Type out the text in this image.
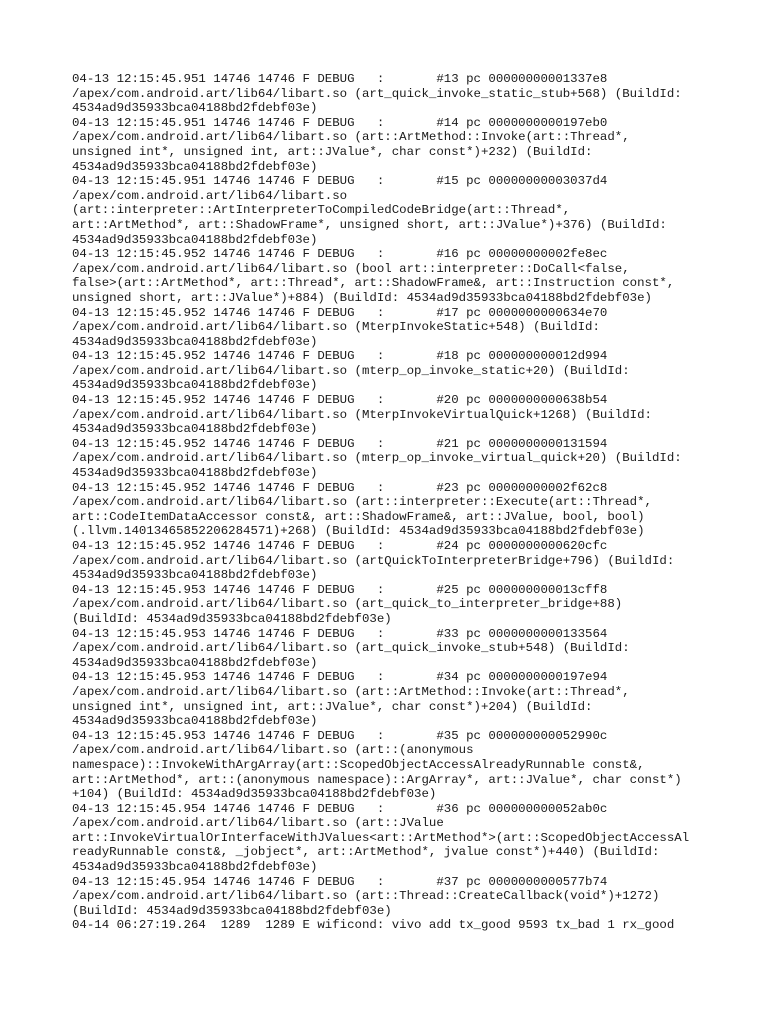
04-13 12:15:45.951 14746 14746 F DEBUG   :       #13 pc 00000000001337e8
/apex/com.android.art/lib64/libart.so (art_quick_invoke_static_stub+568) (BuildId:
4534ad9d35933bca04188bd2fdebf03e)
04-13 12:15:45.951 14746 14746 F DEBUG   :       #14 pc 0000000000197eb0
/apex/com.android.art/lib64/libart.so (art::ArtMethod::Invoke(art::Thread*,
unsigned int*, unsigned int, art::JValue*, char const*)+232) (BuildId:
4534ad9d35933bca04188bd2fdebf03e)
04-13 12:15:45.951 14746 14746 F DEBUG   :       #15 pc 00000000003037d4
/apex/com.android.art/lib64/libart.so
(art::interpreter::ArtInterpreterToCompiledCodeBridge(art::Thread*,
art::ArtMethod*, art::ShadowFrame*, unsigned short, art::JValue*)+376) (BuildId:
4534ad9d35933bca04188bd2fdebf03e)
04-13 12:15:45.952 14746 14746 F DEBUG   :       #16 pc 00000000002fe8ec
/apex/com.android.art/lib64/libart.so (bool art::interpreter::DoCall<false,
false>(art::ArtMethod*, art::Thread*, art::ShadowFrame&, art::Instruction const*,
unsigned short, art::JValue*)+884) (BuildId: 4534ad9d35933bca04188bd2fdebf03e)
04-13 12:15:45.952 14746 14746 F DEBUG   :       #17 pc 0000000000634e70
/apex/com.android.art/lib64/libart.so (MterpInvokeStatic+548) (BuildId:
4534ad9d35933bca04188bd2fdebf03e)
04-13 12:15:45.952 14746 14746 F DEBUG   :       #18 pc 000000000012d994
/apex/com.android.art/lib64/libart.so (mterp_op_invoke_static+20) (BuildId:
4534ad9d35933bca04188bd2fdebf03e)
04-13 12:15:45.952 14746 14746 F DEBUG   :       #20 pc 0000000000638b54
/apex/com.android.art/lib64/libart.so (MterpInvokeVirtualQuick+1268) (BuildId:
4534ad9d35933bca04188bd2fdebf03e)
04-13 12:15:45.952 14746 14746 F DEBUG   :       #21 pc 0000000000131594
/apex/com.android.art/lib64/libart.so (mterp_op_invoke_virtual_quick+20) (BuildId:
4534ad9d35933bca04188bd2fdebf03e)
04-13 12:15:45.952 14746 14746 F DEBUG   :       #23 pc 00000000002f62c8
/apex/com.android.art/lib64/libart.so (art::interpreter::Execute(art::Thread*,
art::CodeItemDataAccessor const&, art::ShadowFrame&, art::JValue, bool, bool)
(.llvm.14013465852206284571)+268) (BuildId: 4534ad9d35933bca04188bd2fdebf03e)
04-13 12:15:45.952 14746 14746 F DEBUG   :       #24 pc 0000000000620cfc
/apex/com.android.art/lib64/libart.so (artQuickToInterpreterBridge+796) (BuildId:
4534ad9d35933bca04188bd2fdebf03e)
04-13 12:15:45.953 14746 14746 F DEBUG   :       #25 pc 000000000013cff8
/apex/com.android.art/lib64/libart.so (art_quick_to_interpreter_bridge+88)
(BuildId: 4534ad9d35933bca04188bd2fdebf03e)
04-13 12:15:45.953 14746 14746 F DEBUG   :       #33 pc 0000000000133564
/apex/com.android.art/lib64/libart.so (art_quick_invoke_stub+548) (BuildId:
4534ad9d35933bca04188bd2fdebf03e)
04-13 12:15:45.953 14746 14746 F DEBUG   :       #34 pc 0000000000197e94
/apex/com.android.art/lib64/libart.so (art::ArtMethod::Invoke(art::Thread*,
unsigned int*, unsigned int, art::JValue*, char const*)+204) (BuildId:
4534ad9d35933bca04188bd2fdebf03e)
04-13 12:15:45.953 14746 14746 F DEBUG   :       #35 pc 000000000052990c
/apex/com.android.art/lib64/libart.so (art::(anonymous
namespace)::InvokeWithArgArray(art::ScopedObjectAccessAlreadyRunnable const&,
art::ArtMethod*, art::(anonymous namespace)::ArgArray*, art::JValue*, char const*)
+104) (BuildId: 4534ad9d35933bca04188bd2fdebf03e)
04-13 12:15:45.954 14746 14746 F DEBUG   :       #36 pc 000000000052ab0c
/apex/com.android.art/lib64/libart.so (art::JValue
art::InvokeVirtualOrInterfaceWithJValues<art::ArtMethod*>(art::ScopedObjectAccessAl
readyRunnable const&, _jobject*, art::ArtMethod*, jvalue const*)+440) (BuildId:
4534ad9d35933bca04188bd2fdebf03e)
04-13 12:15:45.954 14746 14746 F DEBUG   :       #37 pc 0000000000577b74
/apex/com.android.art/lib64/libart.so (art::Thread::CreateCallback(void*)+1272)
(BuildId: 4534ad9d35933bca04188bd2fdebf03e)
04-14 06:27:19.264  1289  1289 E wificond: vivo add tx_good 9593 tx_bad 1 rx_good
